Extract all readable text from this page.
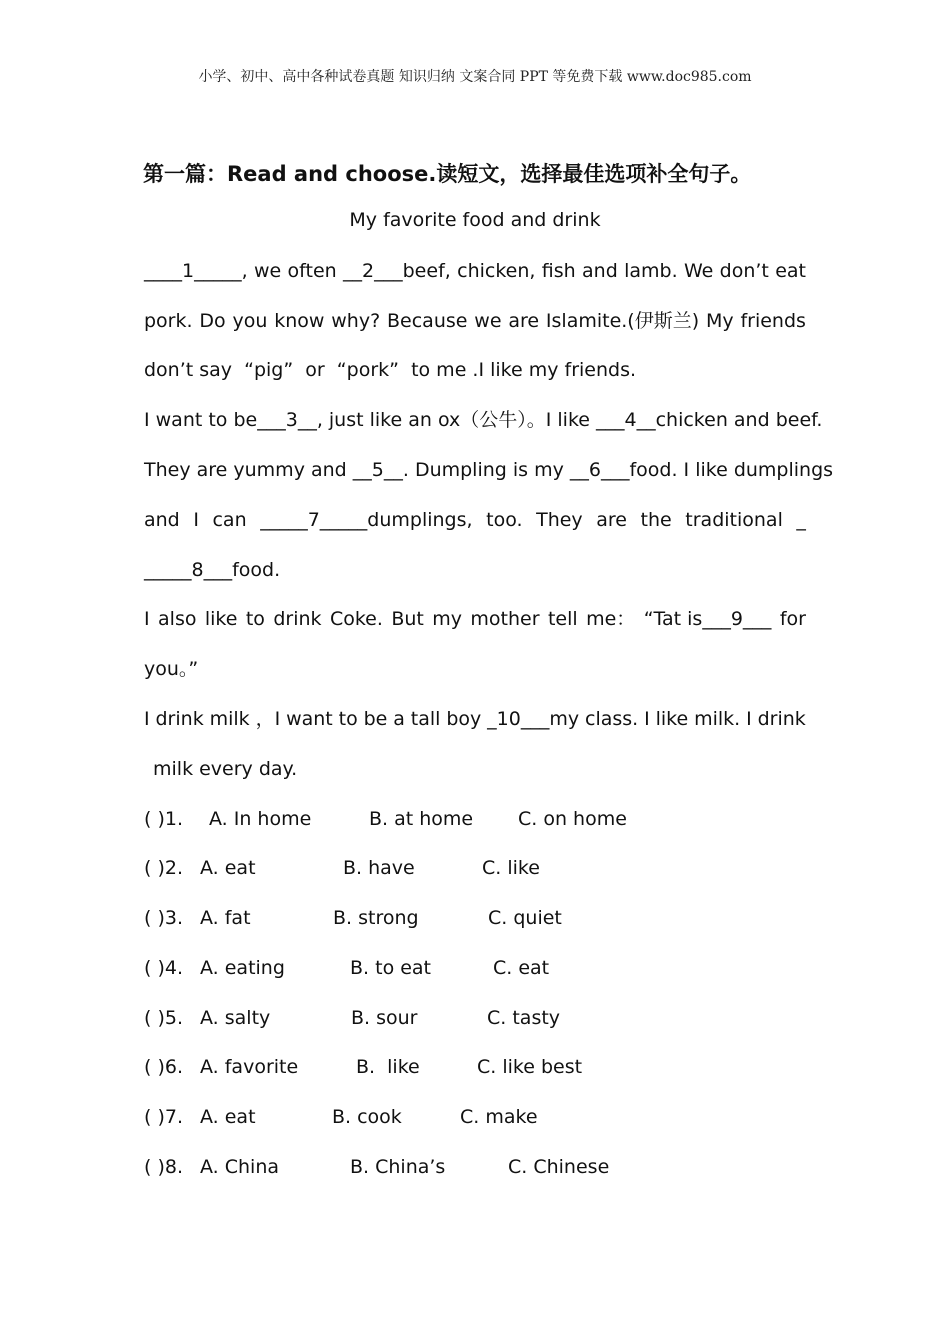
小学、初中、高中各种试卷真题 知识归纳 文案合同 PPT 等免费下载 www.doc985.com
第一篇：Read and choose.读短文，选择最佳选项补全句子。
My favorite food and drink
____1_____, we often __2___beef, chicken, fish and lamb. We don’t eat
pork. Do you know why? Because we are Islamite.(伊斯兰) My friends
don’t say  “pig”  or  “pork”  to me .I like my friends.
I want to be___3__, just like an ox（公牛）。I like ___4__ chicken and beef.
They are yummy and __5__. Dumpling is my __6___ food. I like dumplings
and I can _____7_____dumplings, too. They are the traditional _
_____8___food.
I also like to drink Coke. But my mother tell me： “Tat is___9___ for
you。”
I drink milk ，I want to be a tall boy _10___my class. I like milk. I drink
milk every day.
( )1. A. In home	B. at home C. on home
( )2. A. eat	B. have	C. like
( )3. A. fat	B. strong	C. quiet
( )4. A. eating	B. to eat	C. eat
( )5. A. salty	B. sour	C. tasty
( )6. A. favorite	B.  like	C. like best
( )7. A. eat	B. cook	C. make
( )8. A. China	B. China’s	C. Chinese
